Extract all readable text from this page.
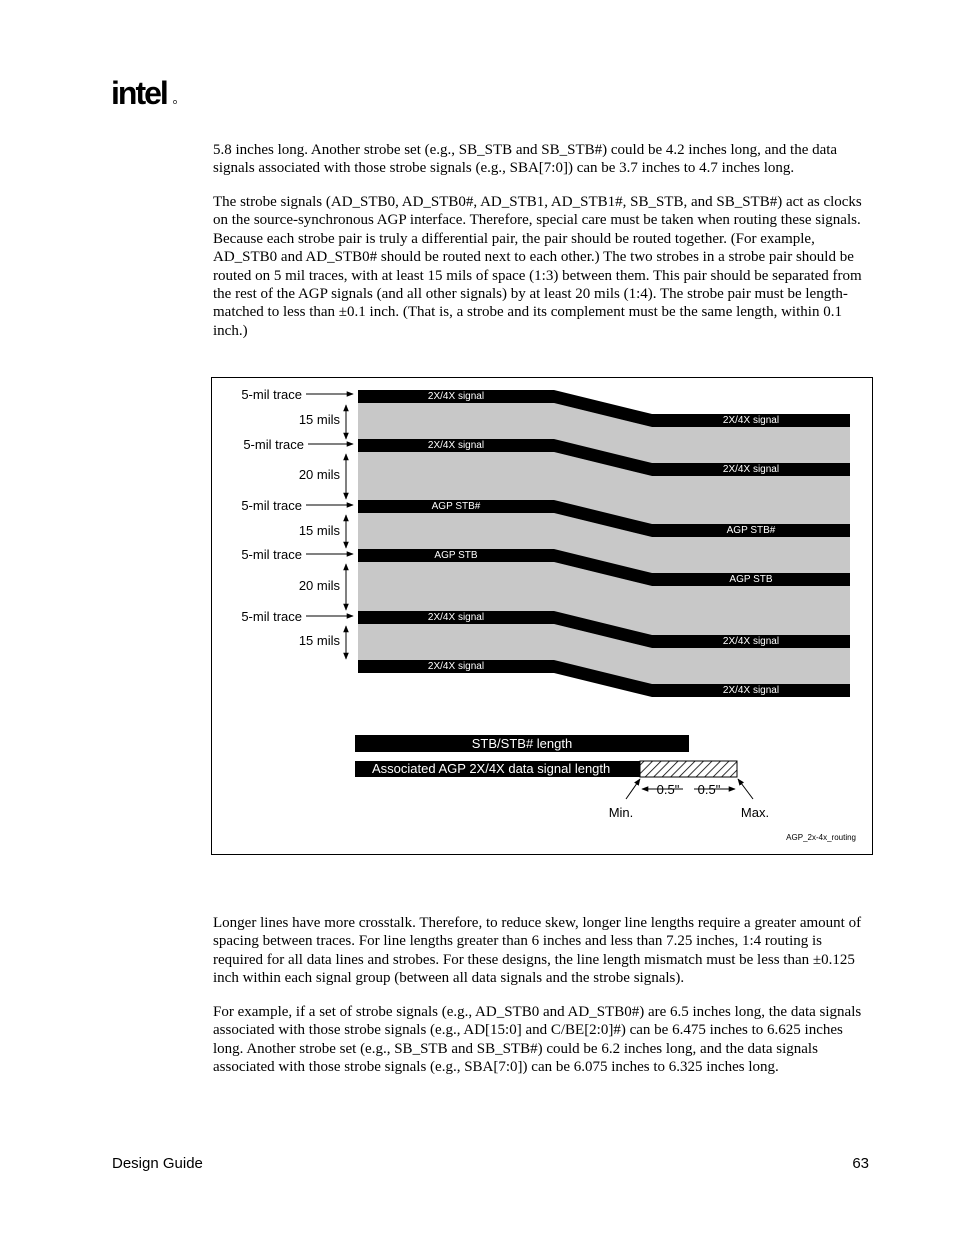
intel

5.8 inches long. Another strobe set (e.g., SB_STB and SB_STB#) could be 4.2 inches long, and the data signals associated with those strobe signals (e.g., SBA[7:0]) can be 3.7 inches to 4.7 inches long.

The strobe signals (AD_STB0, AD_STB0#, AD_STB1, AD_STB1#, SB_STB, and SB_STB#) act as clocks on the source-synchronous AGP interface. Therefore, special care must be taken when routing these signals. Because each strobe pair is truly a differential pair, the pair should be routed together. (For example, AD_STB0 and AD_STB0# should be routed next to each other.) The two strobes in a strobe pair should be routed on 5 mil traces, with at least 15 mils of space (1:3) between them. This pair should be separated from the rest of the AGP signals (and all other signals) by at least 20 mils (1:4). The strobe pair must be length-matched to less than ±0.1 inch. (That is, a strobe and its complement must be the same length, within 0.1 inch.)

2X/4X signal
2X/4X signal
AGP STB#
AGP STB
2X/4X signal
2X/4X signal
2X/4X signal
2X/4X signal
AGP STB#
AGP STB
2X/4X signal
2X/4X signal
5-mil trace
5-mil trace
5-mil trace
5-mil trace
5-mil trace
15 mils
20 mils
15 mils
20 mils
15 mils
STB/STB# length
Associated AGP 2X/4X data signal length
0.5" 0.5"
Min.	Max.
AGP_2x-4x_routing

Longer lines have more crosstalk. Therefore, to reduce skew, longer line lengths require a greater amount of spacing between traces. For line lengths greater than 6 inches and less than 7.25 inches, 1:4 routing is required for all data lines and strobes. For these designs, the line length mismatch must be less than ±0.125 inch within each signal group (between all data signals and the strobe signals).

For example, if a set of strobe signals (e.g., AD_STB0 and AD_STB0#) are 6.5 inches long, the data signals associated with those strobe signals (e.g., AD[15:0] and C/BE[2:0]#) can be 6.475 inches to 6.625 inches long. Another strobe set (e.g., SB_STB and SB_STB#) could be 6.2 inches long, and the data signals associated with those strobe signals (e.g., SBA[7:0]) can be 6.075 inches to 6.325 inches long.

Design Guide	63
